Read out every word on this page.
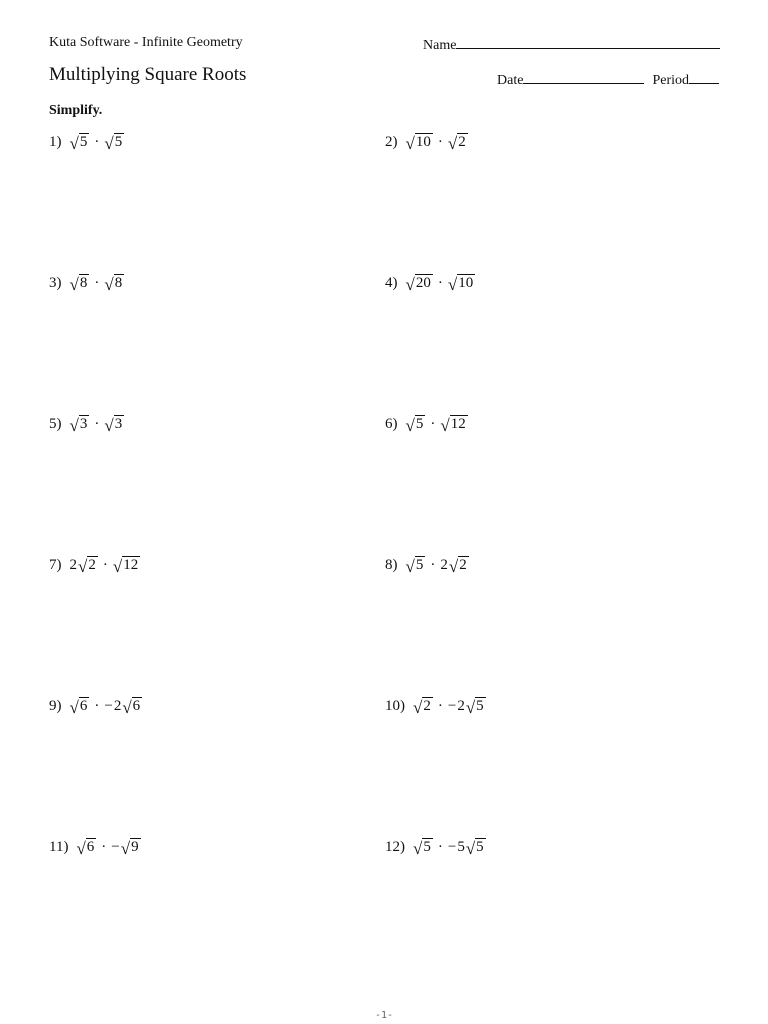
Kuta Software - Infinite Geometry	Name
Multiplying Square Roots	Date	Period
Simplify.
1) √ 5 · √ 5	2) √ 10 · √ 2
3) √ 8 · √ 8	4) √ 20 · √ 10
5) √ 3 · √ 3	6) √ 5 · √ 12
7) 2 √ 2 · √ 12	8) √ 5 · 2 √ 2
9) √ 6 · − 2 √ 6	10) √ 2 · − 2 √ 5
11) √ 6 · − √ 9	12) √ 5 · − 5 √ 5
-1-
